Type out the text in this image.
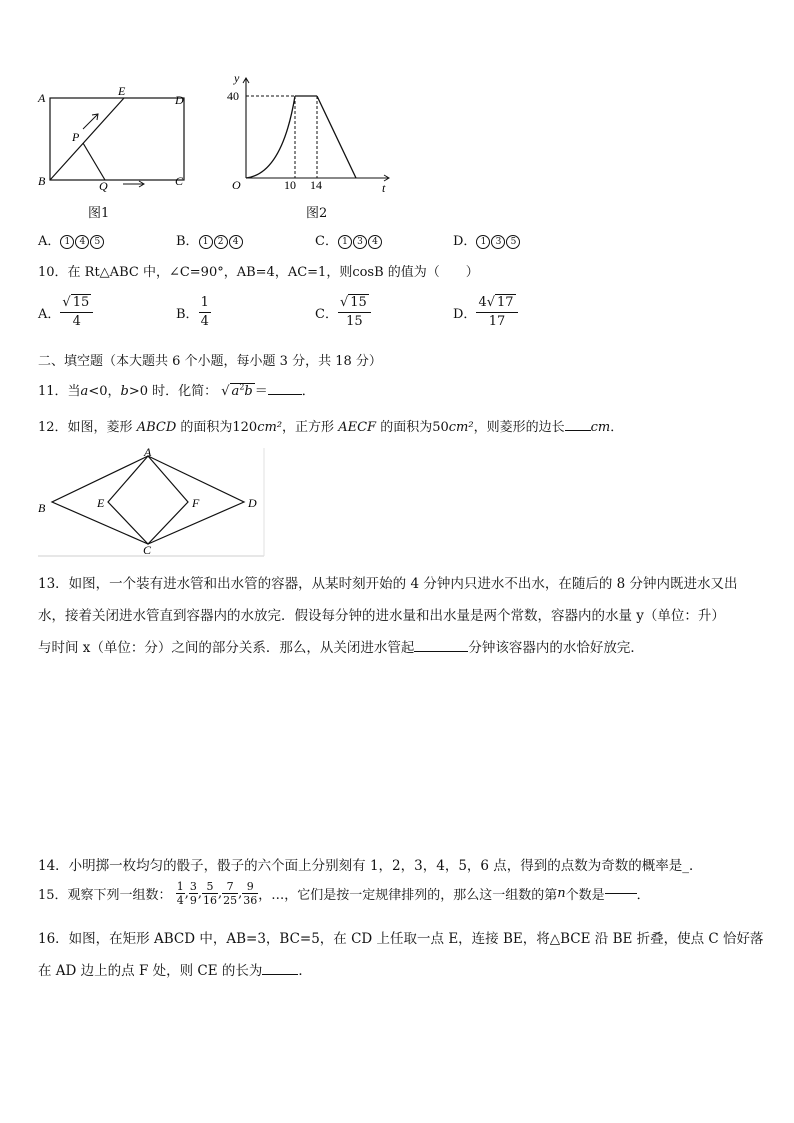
A	E
D
P
B	Q	C
图1
y
40
O	10 14	t
图2
A． 1 4 5	B． 1 2 4	C． 1 3 4	D． 1 3 5
10．在 Rt△ABC 中，∠C=90°，AB=4，AC=1，则cosB 的值为（　　）
A． $\frac{√ 15}{4}$	B． $\frac{1}{4}$	C． $\frac{√ 15}{15}$	D． $\frac{4√ 17}{17}$
二、填空题（本大题共 6 个小题，每小题 3 分，共 18 分）
11．当a<0，b>0 时．化简： √ $a^2b$ ＝	．
12．如图，菱形 ABCD 的面积为120cm²，正方形 AECF 的面积为50cm²，则菱形的边长 cm．
A
B	E	F	D
C
13．如图，一个装有进水管和出水管的容器，从某时刻开始的 4 分钟内只进水不出水，在随后的 8 分钟内既进水又出
水，接着关闭进水管直到容器内的水放完．假设每分钟的进水量和出水量是两个常数，容器内的水量 y（单位：升）
与时间 x（单位：分）之间的部分关系．那么，从关闭进水管起	分钟该容器内的水恰好放完．
14．小明掷一枚均匀的骰子，骰子的六个面上分别刻有 1，2，3，4，5，6 点，得到的点数为奇数的概率是_．
15．观察下列一组数： $\frac{1}{4}$ , $\frac{3}{9}$ , $\frac{5}{16}$ , $\frac{7}{25}$ , $\frac{9}{36}$ ，…，它们是按一定规律排列的，那么这一组数的第n个数是 ．
16．如图，在矩形 ABCD 中，AB=3，BC=5，在 CD 上任取一点 E，连接 BE，将△BCE 沿 BE 折叠，使点 C 恰好落
在 AD 边上的点 F 处，则 CE 的长为	．
